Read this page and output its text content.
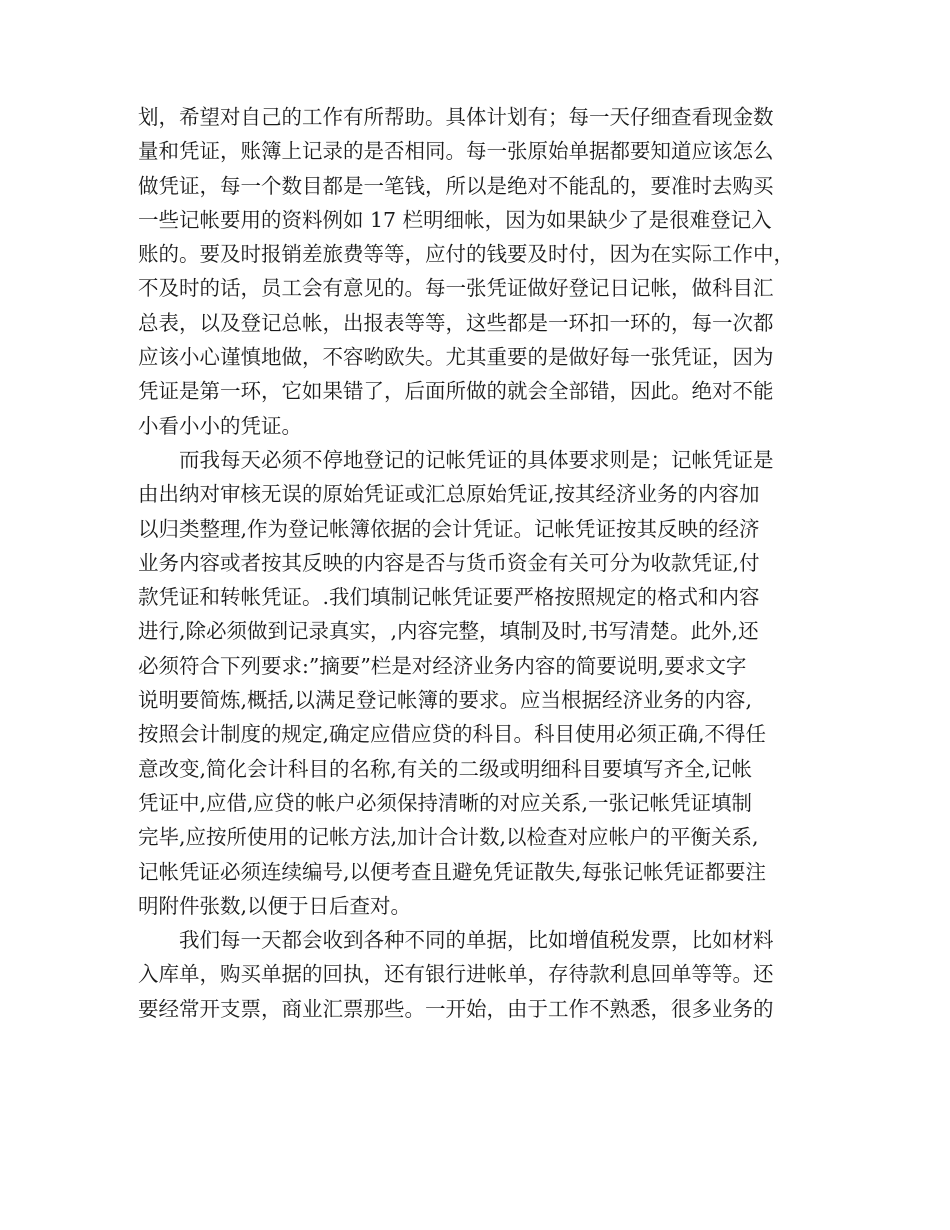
划，希望对自己的工作有所帮助。具体计划有；每一天仔细查看现金数
量和凭证，账簿上记录的是否相同。每一张原始单据都要知道应该怎么
做凭证，每一个数目都是一笔钱，所以是绝对不能乱的，要准时去购买
一些记帐要用的资料例如 17 栏明细帐，因为如果缺少了是很难登记入
账的。要及时报销差旅费等等，应付的钱要及时付，因为在实际工作中，
不及时的话，员工会有意见的。每一张凭证做好登记日记帐，做科目汇
总表，以及登记总帐，出报表等等，这些都是一环扣一环的，每一次都
应该小心谨慎地做，不容哟欧失。尤其重要的是做好每一张凭证，因为
凭证是第一环，它如果错了，后面所做的就会全部错，因此。绝对不能
小看小小的凭证。
　　而我每天必须不停地登记的记帐凭证的具体要求则是；记帐凭证是
由出纳对审核无误的原始凭证或汇总原始凭证,按其经济业务的内容加
以归类整理,作为登记帐簿依据的会计凭证。记帐凭证按其反映的经济
业务内容或者按其反映的内容是否与货币资金有关可分为收款凭证,付
款凭证和转帐凭证。.我们填制记帐凭证要严格按照规定的格式和内容
进行,除必须做到记录真实，,内容完整，填制及时,书写清楚。此外,还
必须符合下列要求:”摘要”栏是对经济业务内容的简要说明,要求文字
说明要简炼,概括,以满足登记帐簿的要求。应当根据经济业务的内容,
按照会计制度的规定,确定应借应贷的科目。科目使用必须正确,不得任
意改变,简化会计科目的名称,有关的二级或明细科目要填写齐全,记帐
凭证中,应借,应贷的帐户必须保持清晰的对应关系,一张记帐凭证填制
完毕,应按所使用的记帐方法,加计合计数,以检查对应帐户的平衡关系,
记帐凭证必须连续编号,以便考查且避免凭证散失,每张记帐凭证都要注
明附件张数,以便于日后查对。
　　我们每一天都会收到各种不同的单据，比如增值税发票，比如材料
入库单，购买单据的回执，还有银行进帐单，存待款利息回单等等。还
要经常开支票，商业汇票那些。一开始，由于工作不熟悉，很多业务的
